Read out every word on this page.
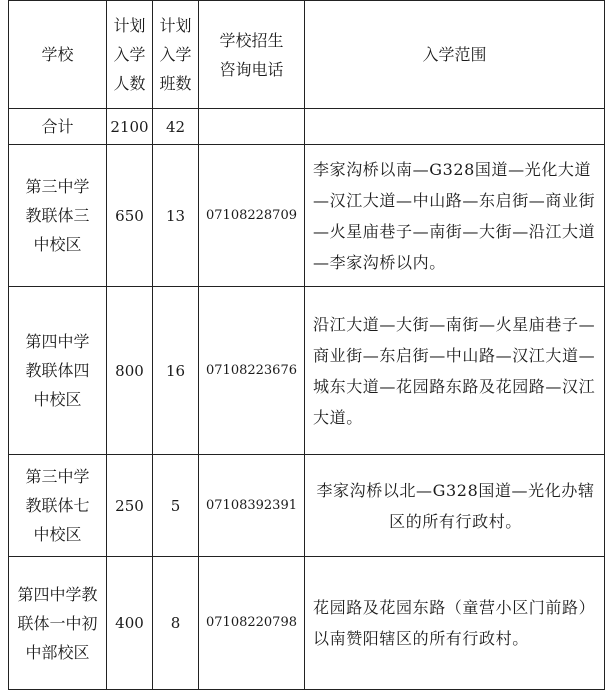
学校	计划入学人数	计划入学班数	学校招生咨询电话	入学范围
合计	2100	42		
第三中学教联体三中校区	650	13	07108228709	李家沟桥以南—G328国道—光化大道—汉江大道—中山路—东启街—商业街—火星庙巷子—南街—大街—沿江大道—李家沟桥以内。
第四中学教联体四中校区	800	16	07108223676	沿江大道—大街—南街—火星庙巷子—商业街—东启街—中山路—汉江大道—城东大道—花园路东路及花园路—汉江大道。
第三中学教联体七中校区	250	5	07108392391	李家沟桥以北—G328国道—光化办辖区的所有行政村。
第四中学教联体一中初中部校区	400	8	07108220798	花园路及花园东路（童营小区门前路）以南赞阳辖区的所有行政村。
